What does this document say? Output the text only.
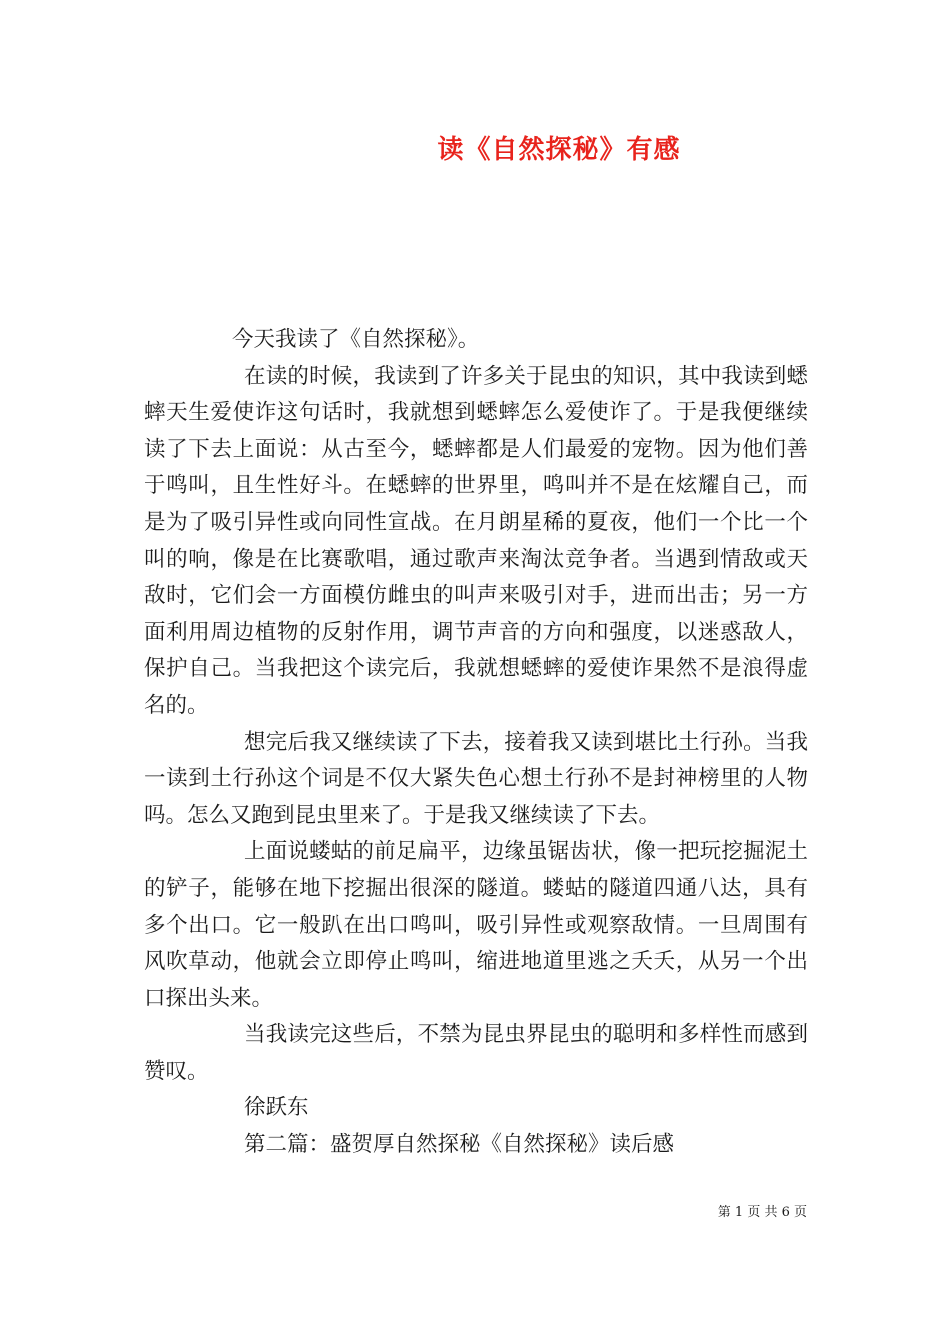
读《自然探秘》有感

今天我读了《自然探秘》。

在读的时候，我读到了许多关于昆虫的知识，其中我读到蟋蟀天生爱使诈这句话时，我就想到蟋蟀怎么爱使诈了。于是我便继续读了下去上面说：从古至今，蟋蟀都是人们最爱的宠物。因为他们善于鸣叫，且生性好斗。在蟋蟀的世界里，鸣叫并不是在炫耀自己，而是为了吸引异性或向同性宣战。在月朗星稀的夏夜，他们一个比一个叫的响，像是在比赛歌唱，通过歌声来淘汰竞争者。当遇到情敌或天敌时，它们会一方面模仿雌虫的叫声来吸引对手，进而出击；另一方面利用周边植物的反射作用，调节声音的方向和强度，以迷惑敌人，保护自己。当我把这个读完后，我就想蟋蟀的爱使诈果然不是浪得虚名的。

想完后我又继续读了下去，接着我又读到堪比土行孙。当我一读到土行孙这个词是不仅大紧失色心想土行孙不是封神榜里的人物吗。怎么又跑到昆虫里来了。于是我又继续读了下去。

上面说蝼蛄的前足扁平，边缘虽锯齿状，像一把玩挖掘泥土的铲子，能够在地下挖掘出很深的隧道。蝼蛄的隧道四通八达，具有多个出口。它一般趴在出口鸣叫，吸引异性或观察敌情。一旦周围有风吹草动，他就会立即停止鸣叫，缩进地道里逃之夭夭，从另一个出口探出头来。

当我读完这些后，不禁为昆虫界昆虫的聪明和多样性而感到赞叹。

徐跃东

第二篇：盛贺厚自然探秘《自然探秘》读后感

第 1 页 共 6 页
